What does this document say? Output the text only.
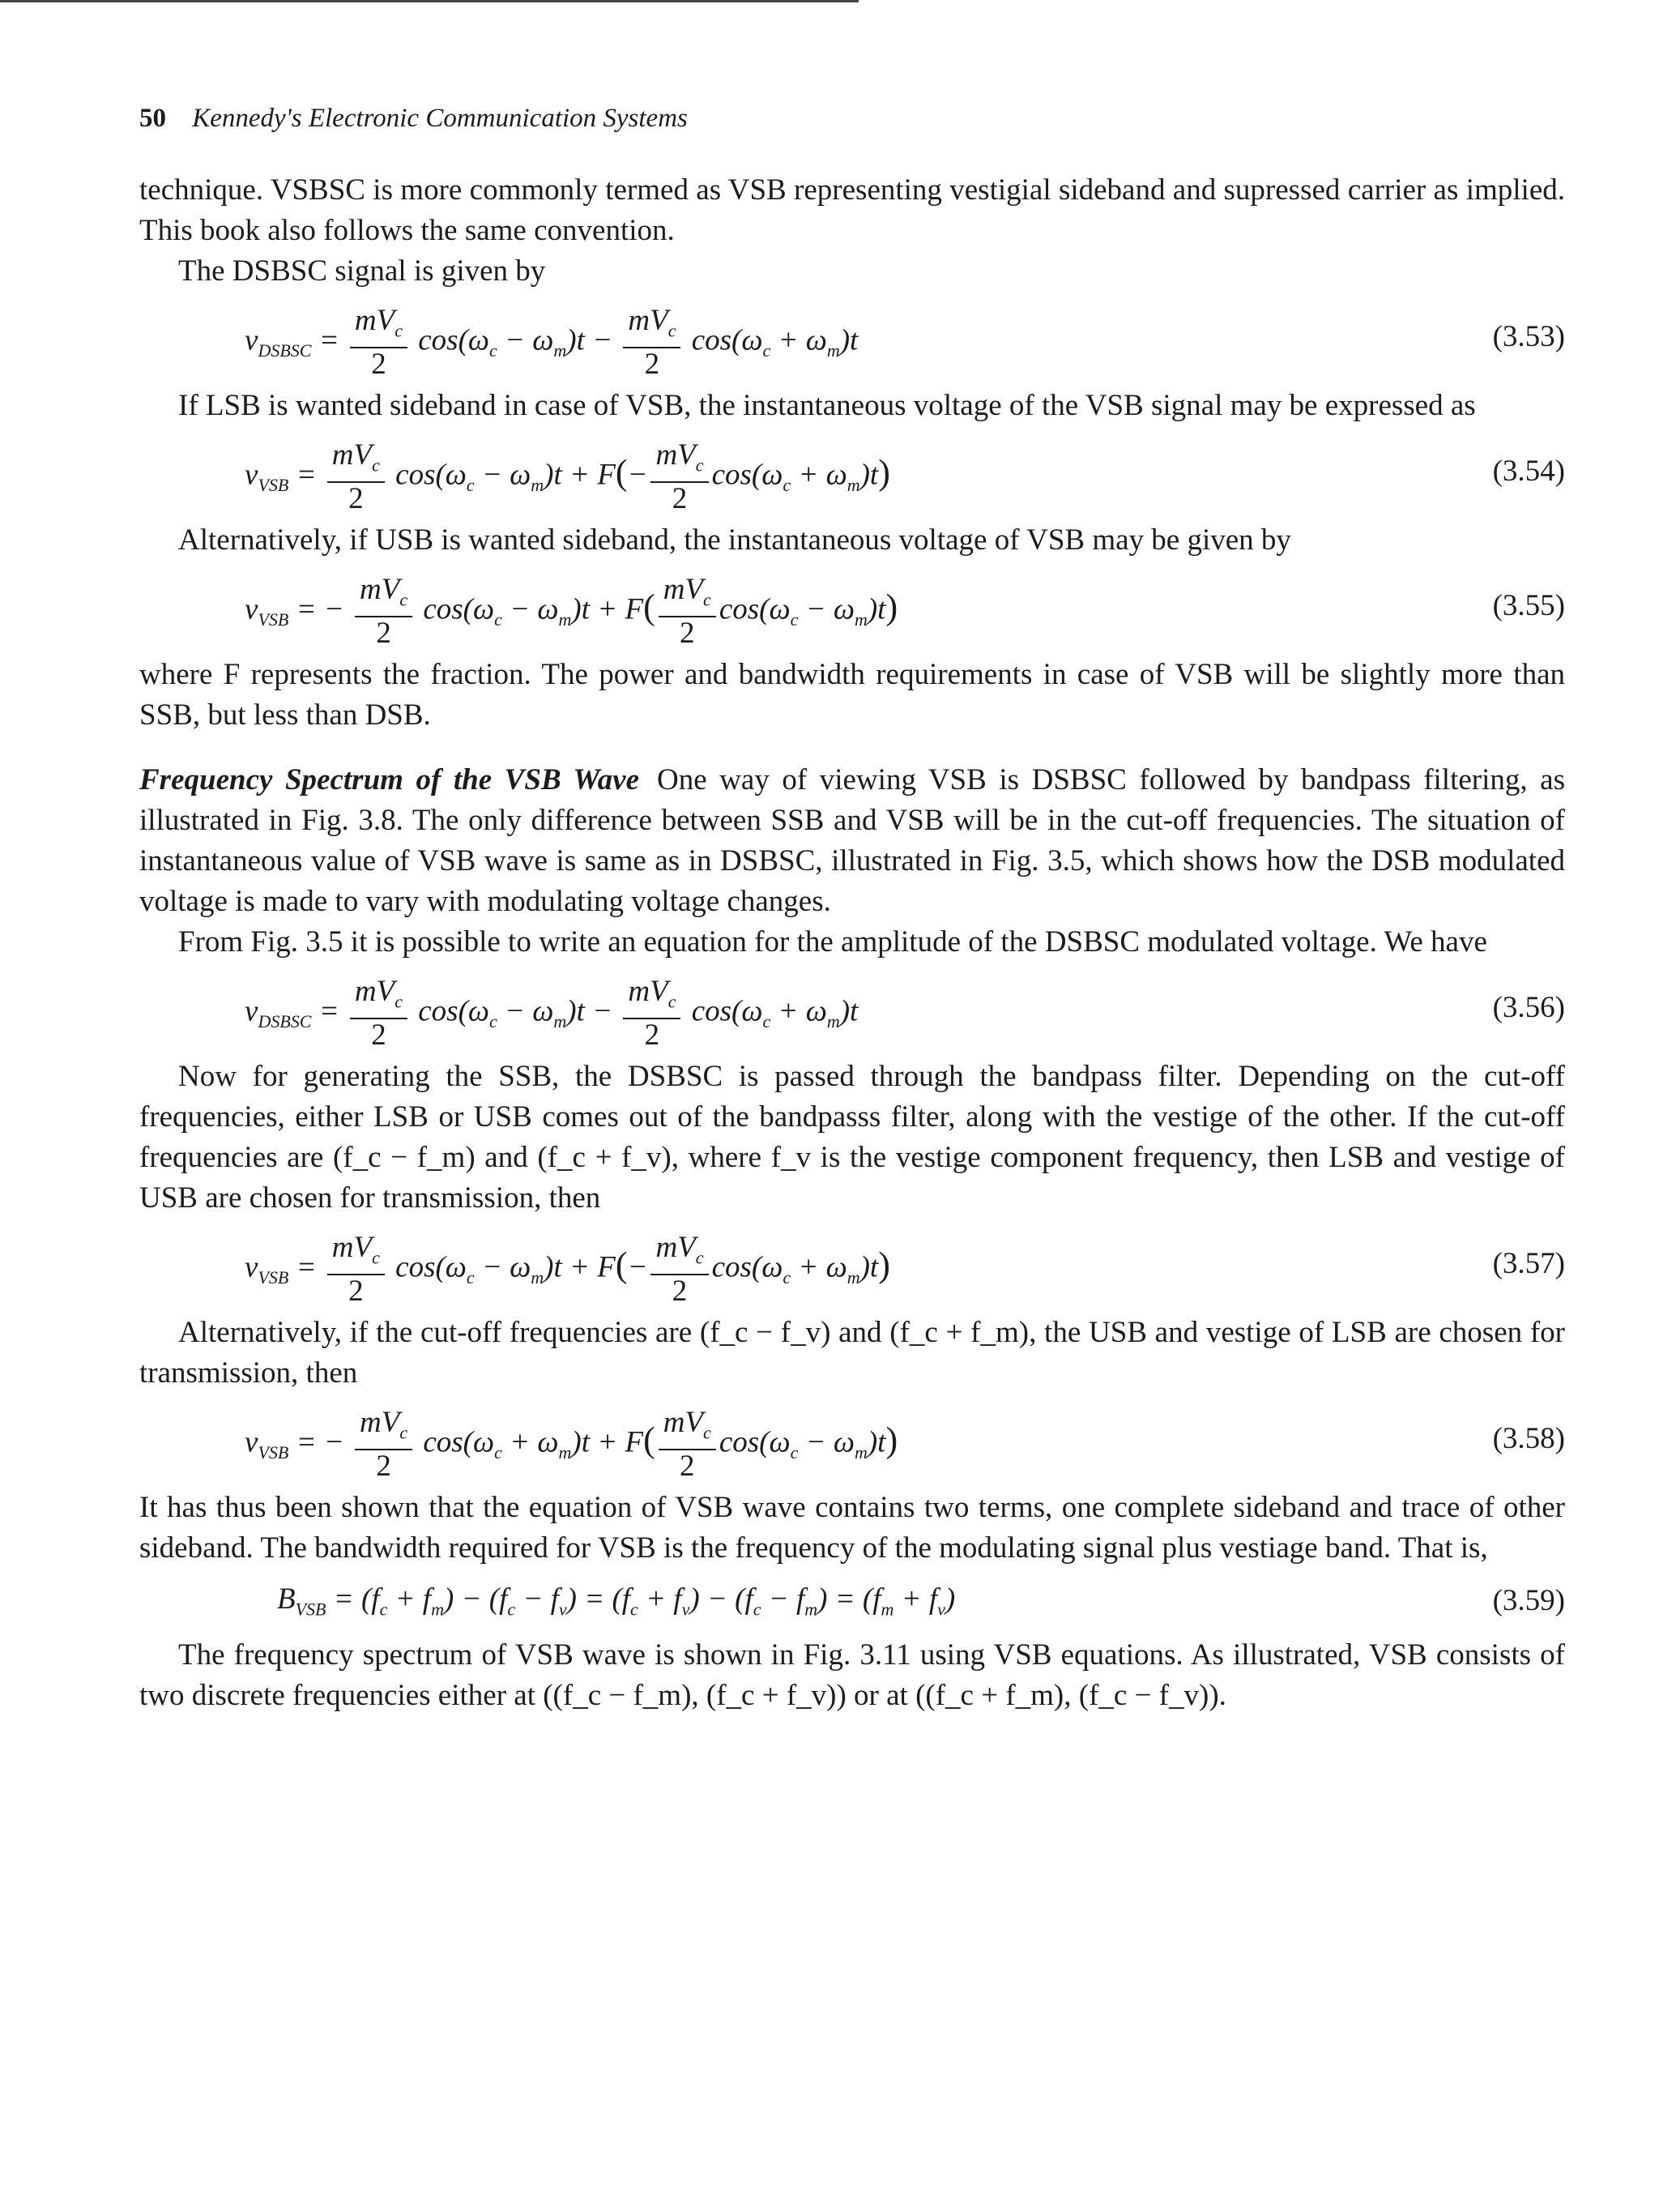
50 Kennedy's Electronic Communication Systems

technique. VSBSC is more commonly termed as VSB representing vestigial sideband and supressed carrier as implied. This book also follows the same convention.

The DSBSC signal is given by

$v_{DSBSC} = \frac{mV_c}{2} \cos(\omega_c - \omega_m)t - \frac{mV_c}{2} \cos(\omega_c + \omega_m)t$	(3.53)

If LSB is wanted sideband in case of VSB, the instantaneous voltage of the VSB signal may be expressed as

$v_{VSB} = \frac{mV_c}{2} \cos(\omega_c - \omega_m)t + F(- \frac{mV_c}{2} \cos(\omega_c + \omega_m)t)$	(3.54)

Alternatively, if USB is wanted sideband, the instantaneous voltage of VSB may be given by

$v_{VSB}$ = − $\frac{mV_c}{2} \cos(\omega_c - \omega_m)t + F( \frac{mV_c}{2} \cos(\omega_c - \omega_m)t)$	(3.55)

where F represents the fraction. The power and bandwidth requirements in case of VSB will be slightly more than SSB, but less than DSB.

Frequency Spectrum of the VSB Wave One way of viewing VSB is DSBSC followed by bandpass filtering, as illustrated in Fig. 3.8. The only difference between SSB and VSB will be in the cut-off frequencies. The situation of instantaneous value of VSB wave is same as in DSBSC, illustrated in Fig. 3.5, which shows how the DSB modulated voltage is made to vary with modulating voltage changes.

From Fig. 3.5 it is possible to write an equation for the amplitude of the DSBSC modulated voltage. We have

$v_{DSBSC} = \frac{mV_c}{2} \cos(\omega_c - \omega_m)t - \frac{mV_c}{2} \cos(\omega_c + \omega_m)t$	(3.56)

Now for generating the SSB, the DSBSC is passed through the bandpass filter. Depending on the cut-off frequencies, either LSB or USB comes out of the bandpasss filter, along with the vestige of the other. If the cut-off frequencies are (f_c − f_m) and (f_c + f_v), where f_v is the vestige component frequency, then LSB and vestige of USB are chosen for transmission, then

$v_{VSB} = \frac{mV_c}{2} \cos(\omega_c - \omega_m)t + F(- \frac{mV_c}{2} \cos(\omega_c + \omega_m)t)$	(3.57)

Alternatively, if the cut-off frequencies are (f_c − f_v) and (f_c + f_m), the USB and vestige of LSB are chosen for transmission, then

$v_{VSB}$ = − $\frac{mV_c}{2} \cos(\omega_c + \omega_m)t + F( \frac{mV_c}{2} \cos(\omega_c - \omega_m)t)$	(3.58)

It has thus been shown that the equation of VSB wave contains two terms, one complete sideband and trace of other sideband. The bandwidth required for VSB is the frequency of the modulating signal plus vestiage band. That is,

$B_{VSB} = (f_c + f_m) - (f_c - f_v) = (f_c + f_v) - (f_c - f_m) = (f_m + f_v)$	(3.59)

The frequency spectrum of VSB wave is shown in Fig. 3.11 using VSB equations. As illustrated, VSB consists of two discrete frequencies either at ((f_c − f_m), (f_c + f_v)) or at ((f_c + f_m), (f_c − f_v)).
